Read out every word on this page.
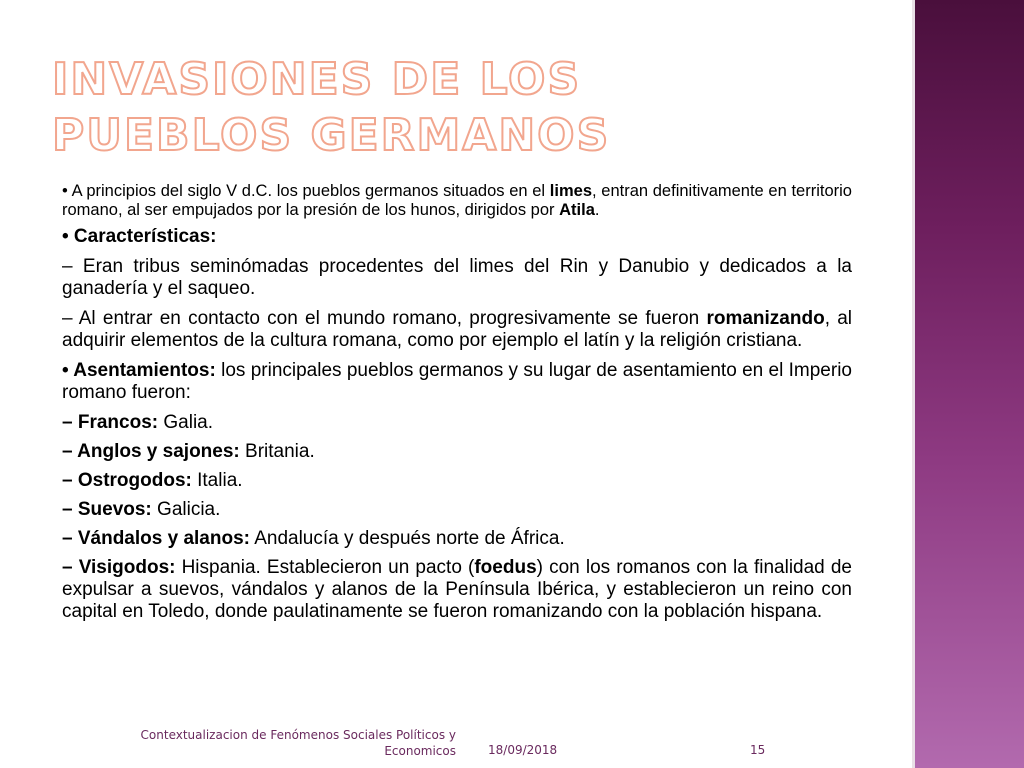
INVASIONES DE LOS PUEBLOS GERMANOS

• A principios del siglo V d.C. los pueblos germanos situados en el limes, entran definitivamente en territorio romano, al ser empujados por la presión de los hunos, dirigidos por Atila.

• Características:

– Eran tribus seminómadas procedentes del limes del Rin y Danubio y dedicados a la ganadería y el saqueo.

– Al entrar en contacto con el mundo romano, progresivamente se fueron romanizando, al adquirir elementos de la cultura romana, como por ejemplo el latín y la religión cristiana.

• Asentamientos: los principales pueblos germanos y su lugar de asentamiento en el Imperio romano fueron:

– Francos: Galia.

– Anglos y sajones: Britania.

– Ostrogodos: Italia.

– Suevos: Galicia.

– Vándalos y alanos: Andalucía y después norte de África.

– Visigodos: Hispania. Establecieron un pacto (foedus) con los romanos con la finalidad de expulsar a suevos, vándalos y alanos de la Península Ibérica, y establecieron un reino con capital en Toledo, donde paulatinamente se fueron romanizando con la población hispana.

Contextualizacion de Fenómenos Sociales Políticos y Economicos	18/09/2018	15
